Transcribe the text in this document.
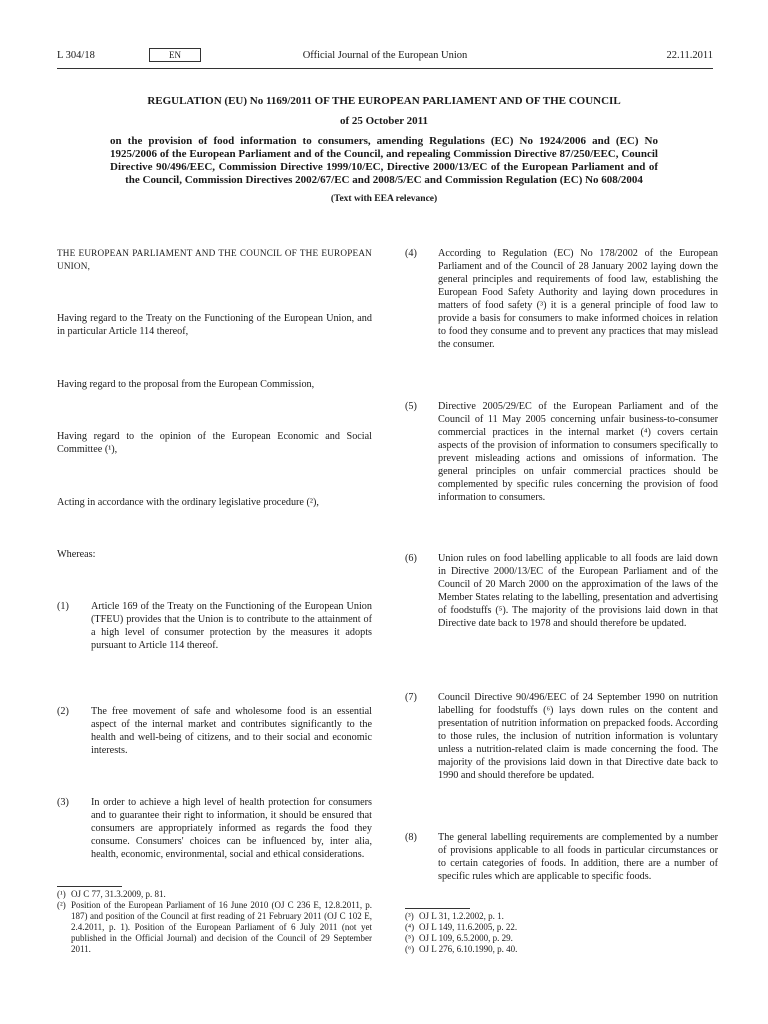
L 304/18	EN	Official Journal of the European Union	22.11.2011
REGULATION (EU) No 1169/2011 OF THE EUROPEAN PARLIAMENT AND OF THE COUNCIL
of 25 October 2011
on the provision of food information to consumers, amending Regulations (EC) No 1924/2006 and (EC) No 1925/2006 of the European Parliament and of the Council, and repealing Commission Directive 87/250/EEC, Council Directive 90/496/EEC, Commission Directive 1999/10/EC, Directive 2000/13/EC of the European Parliament and of the Council, Commission Directives 2002/67/EC and 2008/5/EC and Commission Regulation (EC) No 608/2004
(Text with EEA relevance)
THE EUROPEAN PARLIAMENT AND THE COUNCIL OF THE EUROPEAN UNION,
Having regard to the Treaty on the Functioning of the European Union, and in particular Article 114 thereof,
Having regard to the proposal from the European Commission,
Having regard to the opinion of the European Economic and Social Committee (¹),
Acting in accordance with the ordinary legislative procedure (²),
Whereas:
(1) Article 169 of the Treaty on the Functioning of the European Union (TFEU) provides that the Union is to contribute to the attainment of a high level of consumer protection by the measures it adopts pursuant to Article 114 thereof.
(2) The free movement of safe and wholesome food is an essential aspect of the internal market and contributes significantly to the health and well-being of citizens, and to their social and economic interests.
(3) In order to achieve a high level of health protection for consumers and to guarantee their right to information, it should be ensured that consumers are appropriately informed as regards the food they consume. Consumers' choices can be influenced by, inter alia, health, economic, environmental, social and ethical considerations.
(¹) OJ C 77, 31.3.2009, p. 81.
(²) Position of the European Parliament of 16 June 2010 (OJ C 236 E, 12.8.2011, p. 187) and position of the Council at first reading of 21 February 2011 (OJ C 102 E, 2.4.2011, p. 1). Position of the European Parliament of 6 July 2011 (not yet published in the Official Journal) and decision of the Council of 29 September 2011.
(4) According to Regulation (EC) No 178/2002 of the European Parliament and of the Council of 28 January 2002 laying down the general principles and requirements of food law, establishing the European Food Safety Authority and laying down procedures in matters of food safety (³) it is a general principle of food law to provide a basis for consumers to make informed choices in relation to food they consume and to prevent any practices that may mislead the consumer.
(5) Directive 2005/29/EC of the European Parliament and of the Council of 11 May 2005 concerning unfair business-to-consumer commercial practices in the internal market (⁴) covers certain aspects of the provision of information to consumers specifically to prevent misleading actions and omissions of information. The general principles on unfair commercial practices should be complemented by specific rules concerning the provision of food information to consumers.
(6) Union rules on food labelling applicable to all foods are laid down in Directive 2000/13/EC of the European Parliament and of the Council of 20 March 2000 on the approximation of the laws of the Member States relating to the labelling, presentation and advertising of foodstuffs (⁵). The majority of the provisions laid down in that Directive date back to 1978 and should therefore be updated.
(7) Council Directive 90/496/EEC of 24 September 1990 on nutrition labelling for foodstuffs (⁶) lays down rules on the content and presentation of nutrition information on prepacked foods. According to those rules, the inclusion of nutrition information is voluntary unless a nutrition-related claim is made concerning the food. The majority of the provisions laid down in that Directive date back to 1990 and should therefore be updated.
(8) The general labelling requirements are complemented by a number of provisions applicable to all foods in particular circumstances or to certain categories of foods. In addition, there are a number of specific rules which are applicable to specific foods.
(³) OJ L 31, 1.2.2002, p. 1.
(⁴) OJ L 149, 11.6.2005, p. 22.
(⁵) OJ L 109, 6.5.2000, p. 29.
(⁶) OJ L 276, 6.10.1990, p. 40.
